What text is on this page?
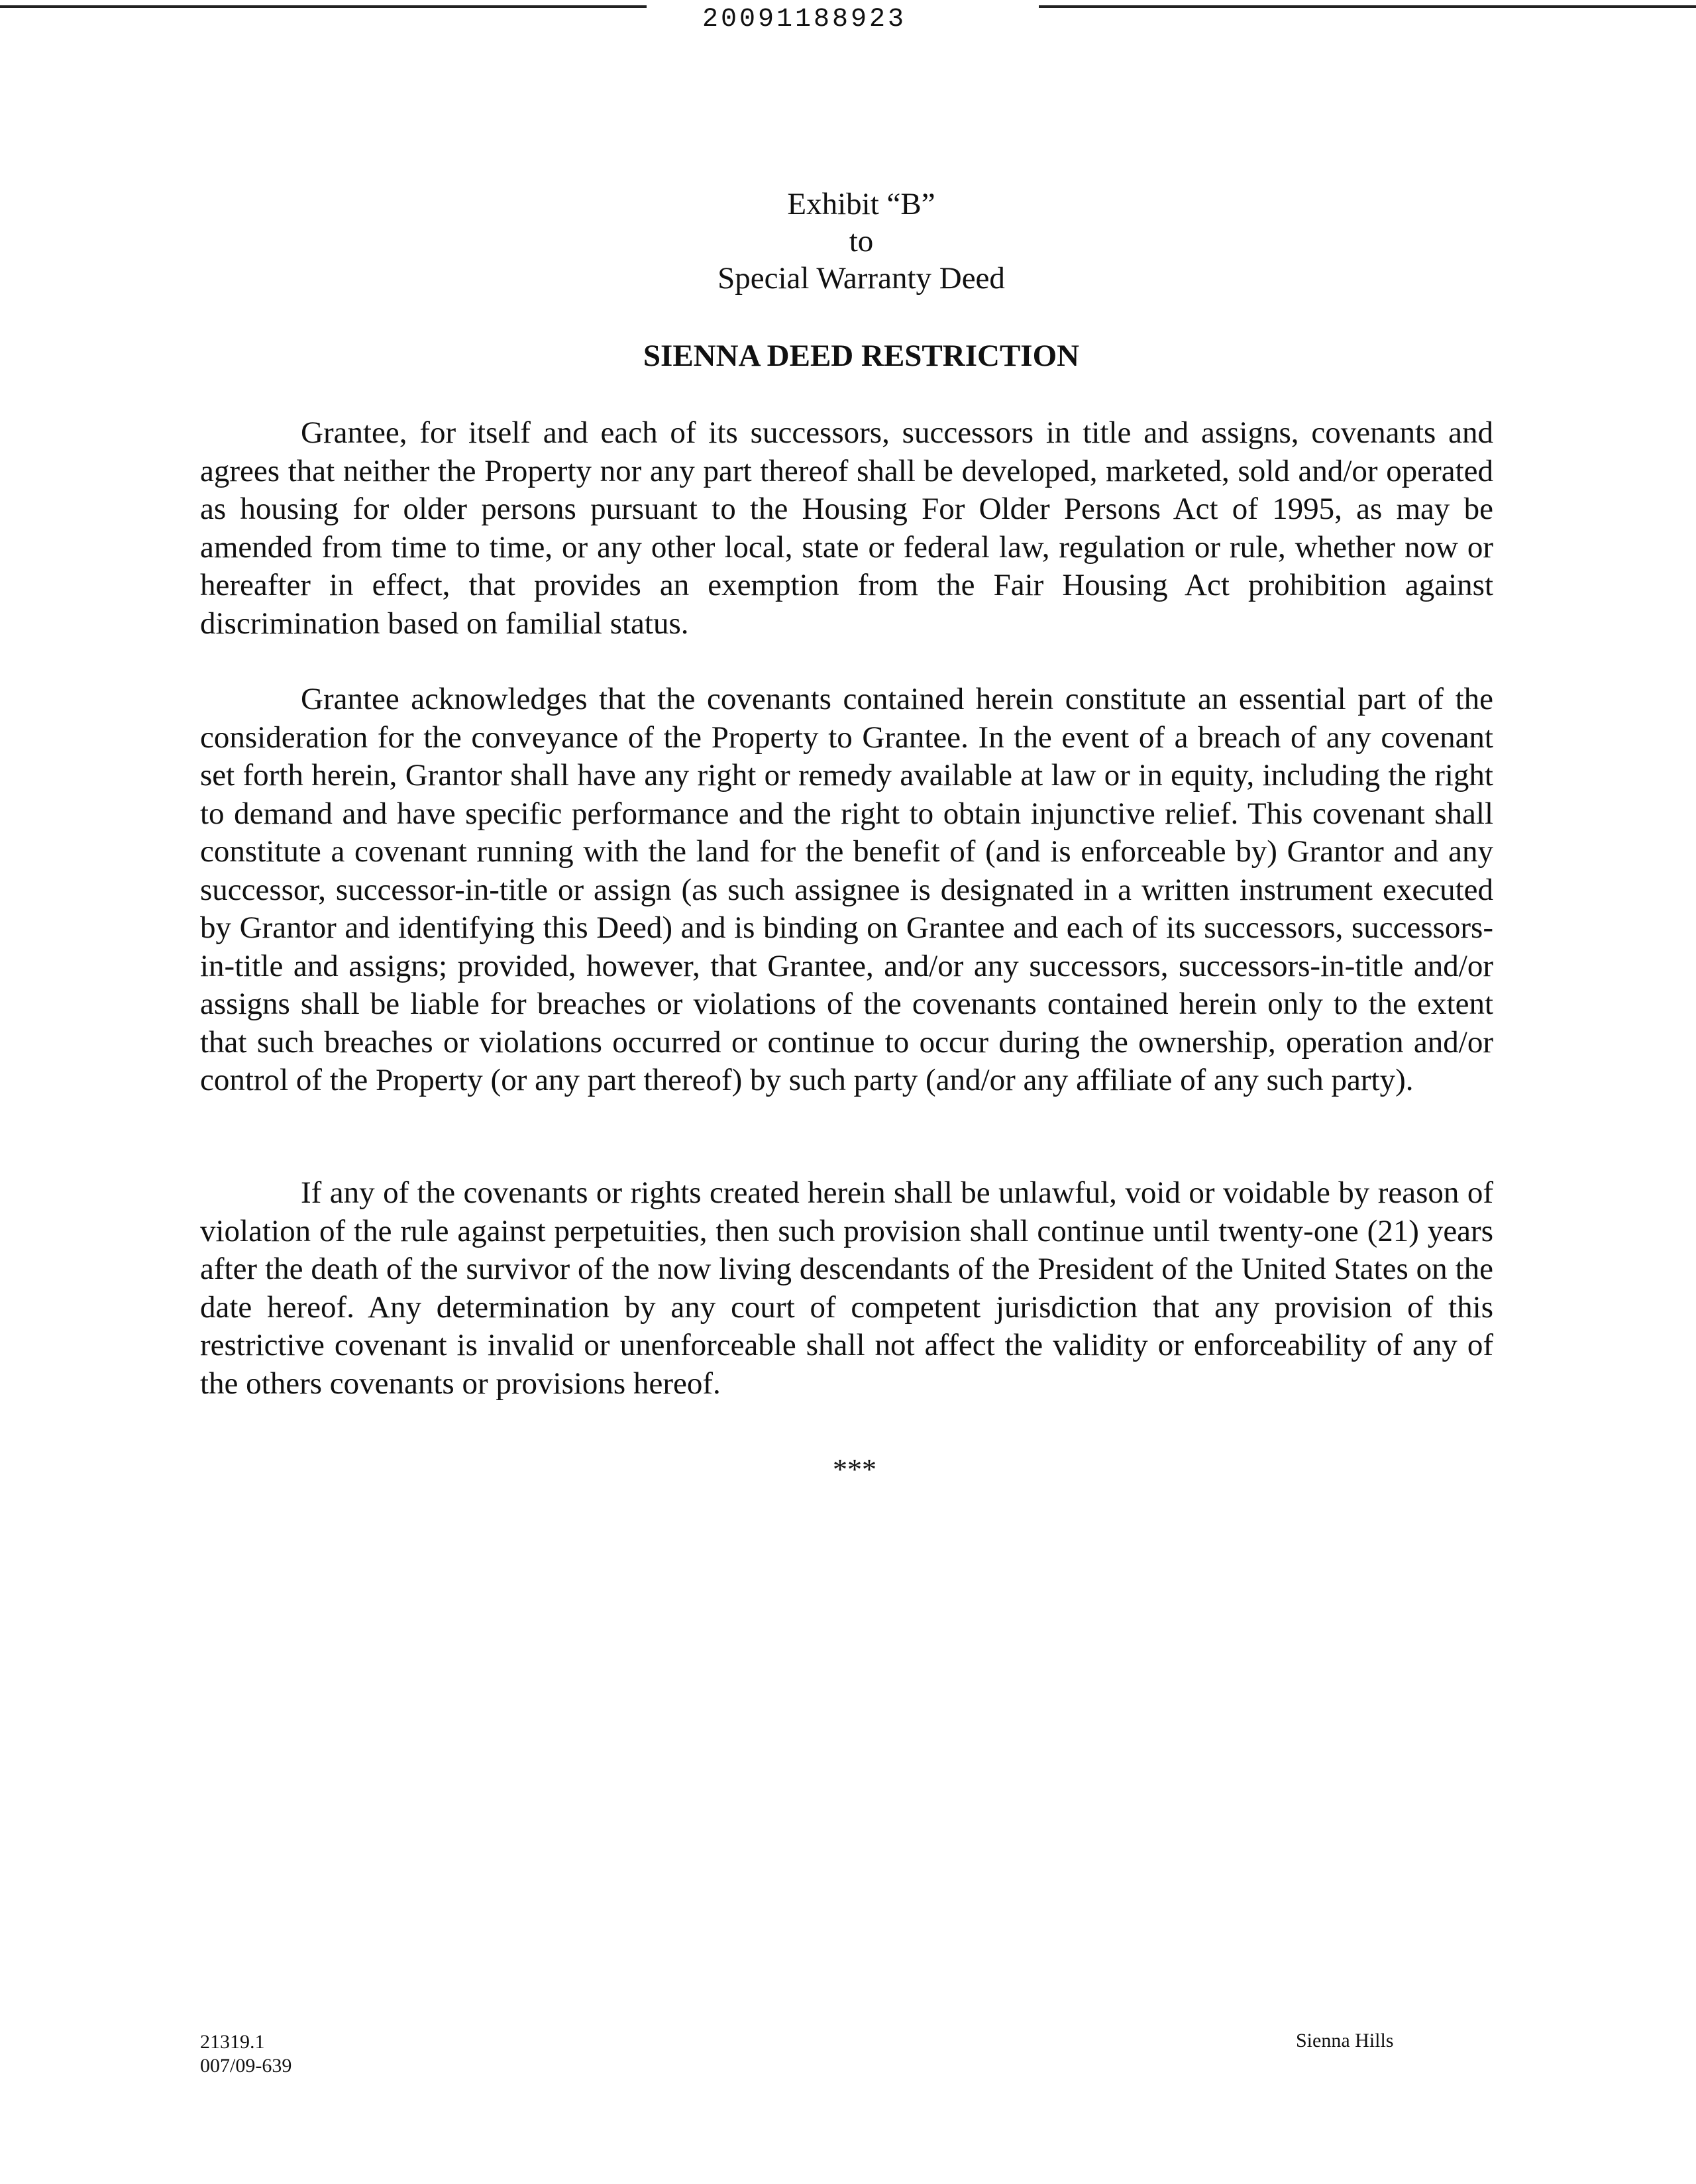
20091188923
Exhibit “B”
to
Special Warranty Deed
SIENNA DEED RESTRICTION

Grantee, for itself and each of its successors, successors in title and assigns, covenants and agrees that neither the Property nor any part thereof shall be developed, marketed, sold and/or operated as housing for older persons pursuant to the Housing For Older Persons Act of 1995, as may be amended from time to time, or any other local, state or federal law, regulation or rule, whether now or hereafter in effect, that provides an exemption from the Fair Housing Act prohibition against discrimination based on familial status.

Grantee acknowledges that the covenants contained herein constitute an essential part of the consideration for the conveyance of the Property to Grantee. In the event of a breach of any covenant set forth herein, Grantor shall have any right or remedy available at law or in equity, including the right to demand and have specific performance and the right to obtain injunctive relief. This covenant shall constitute a covenant running with the land for the benefit of (and is enforceable by) Grantor and any successor, successor-in-title or assign (as such assignee is designated in a written instrument executed by Grantor and identifying this Deed) and is binding on Grantee and each of its successors, successors-in-title and assigns; provided, however, that Grantee, and/or any successors, successors-in-title and/or assigns shall be liable for breaches or violations of the covenants contained herein only to the extent that such breaches or violations occurred or continue to occur during the ownership, operation and/or control of the Property (or any part thereof) by such party (and/or any affiliate of any such party).

If any of the covenants or rights created herein shall be unlawful, void or voidable by reason of violation of the rule against perpetuities, then such provision shall continue until twenty-one (21) years after the death of the survivor of the now living descendants of the President of the United States on the date hereof. Any determination by any court of competent jurisdiction that any provision of this restrictive covenant is invalid or unenforceable shall not affect the validity or enforceability of any of the others covenants or provisions hereof.

***
21319.1
007/09-639
Sienna Hills
